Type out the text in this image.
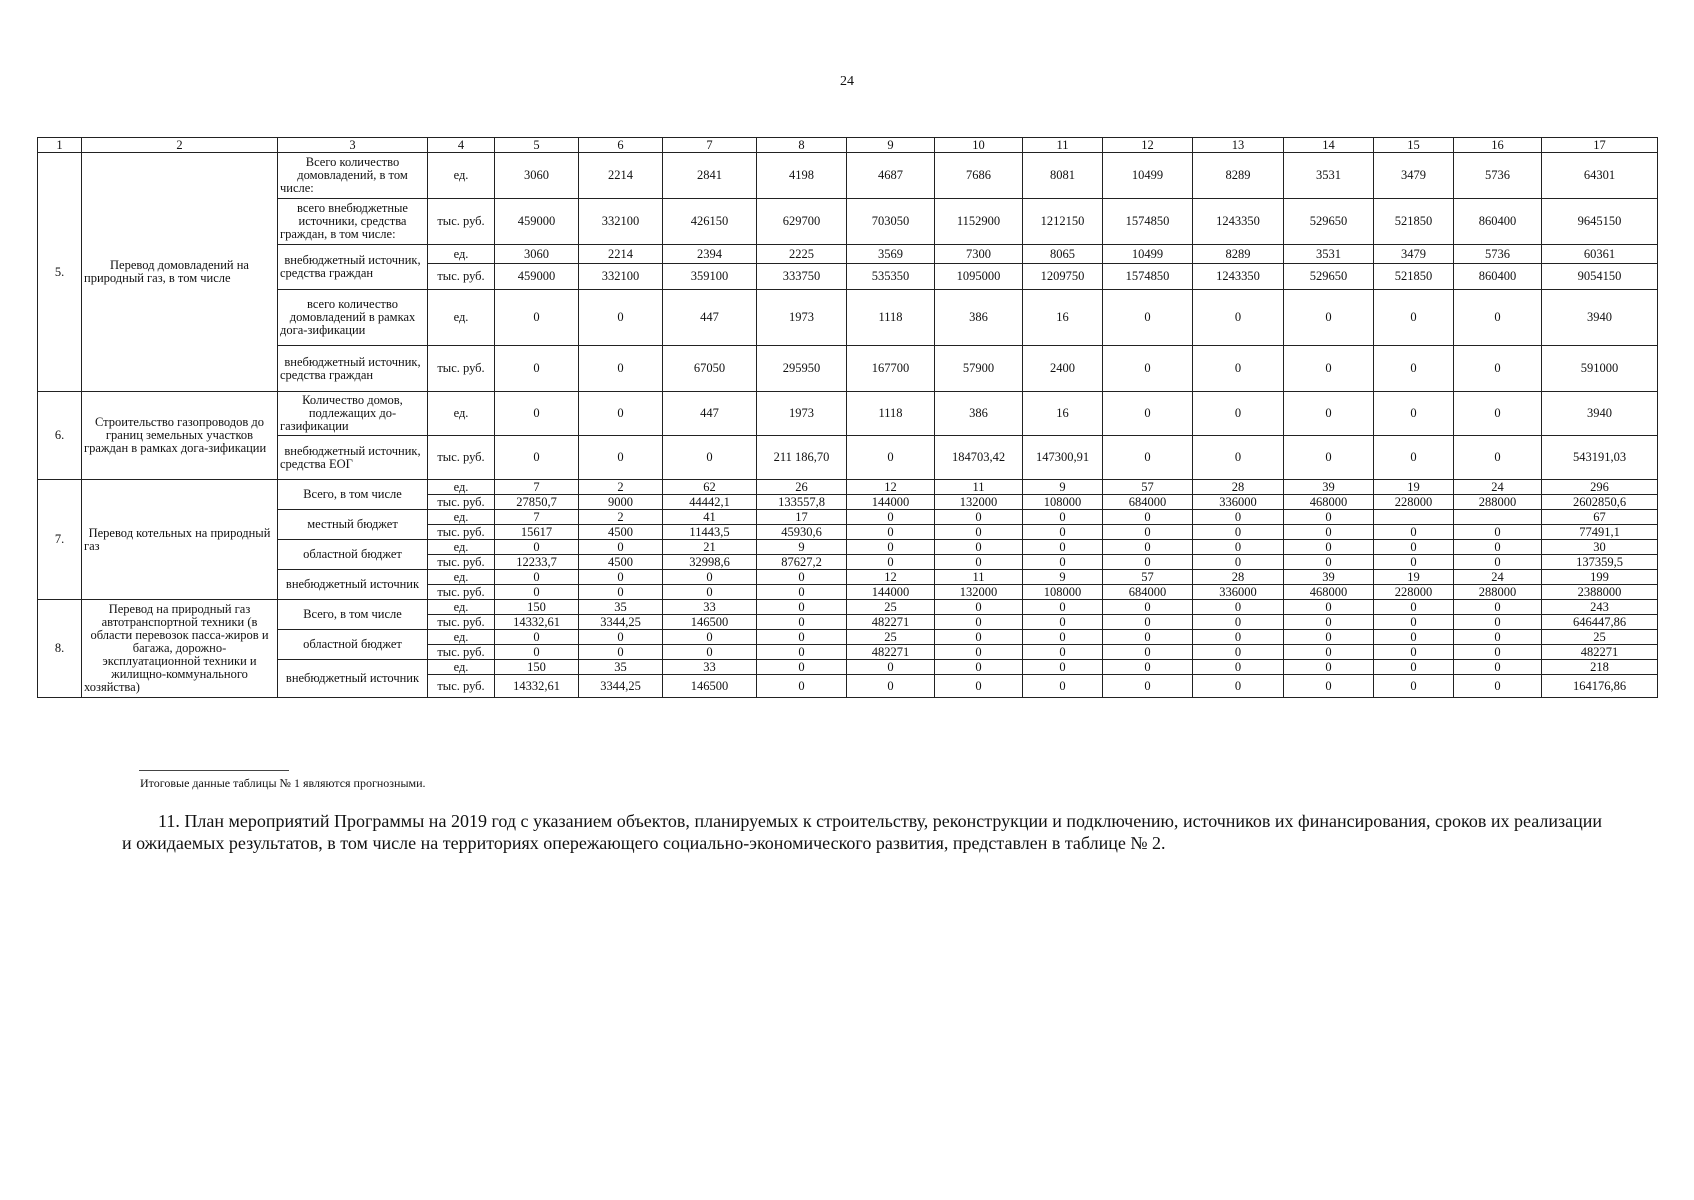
24
1	2	3	4	5	6	7	8	9	10	11	12	13	14	15	16	17
5.	Перевод домовладений на природный газ, в том числе	Всего количество домовладений, в том числе:	ед.	3060	2214	2841	4198	4687	7686	8081	10499	8289	3531	3479	5736	64301
		всего внебюджетные источники, средства граждан, в том числе:	тыс. руб.	459000	332100	426150	629700	703050	1152900	1212150	1574850	1243350	529650	521850	860400	9645150
		внебюджетный источник, средства граждан	ед.	3060	2214	2394	2225	3569	7300	8065	10499	8289	3531	3479	5736	60361
			тыс. руб.	459000	332100	359100	333750	535350	1095000	1209750	1574850	1243350	529650	521850	860400	9054150
		всего количество домовладений в рамках дога-зификации	ед.	0	0	447	1973	1118	386	16	0	0	0	0	0	3940
		внебюджетный источник, средства граждан	тыс. руб.	0	0	67050	295950	167700	57900	2400	0	0	0	0	0	591000
6.	Строительство газопроводов до границ земельных участков граждан в рамках дога-зификации	Количество домов, подлежащих до-газификации	ед.	0	0	447	1973	1118	386	16	0	0	0	0	0	3940
		внебюджетный источник, средства ЕОГ	тыс. руб.	0	0	0	211 186,70	0	184703,42	147300,91	0	0	0	0	0	543191,03
7.	Перевод котельных на природный газ	Всего, в том числе	ед.	7	2	62	26	12	11	9	57	28	39	19	24	296
			тыс. руб.	27850,7	9000	44442,1	133557,8	144000	132000	108000	684000	336000	468000	228000	288000	2602850,6
		местный бюджет	ед.	7	2	41	17	0	0	0	0	0	0			67
			тыс. руб.	15617	4500	11443,5	45930,6	0	0	0	0	0	0	0	0	77491,1
		областной бюджет	ед.	0	0	21	9	0	0	0	0	0	0	0	0	30
			тыс. руб.	12233,7	4500	32998,6	87627,2	0	0	0	0	0	0	0	0	137359,5
		внебюджетный источник	ед.	0	0	0	0	12	11	9	57	28	39	19	24	199
			тыс. руб.	0	0	0	0	144000	132000	108000	684000	336000	468000	228000	288000	2388000
8.	Перевод на природный газ автотранспортной техники (в области перевозок пасса-жиров и багажа, дорожно-эксплуатационной техники и жилищно-коммунального хозяйства)	Всего, в том числе	ед.	150	35	33	0	25	0	0	0	0	0	0	0	243
			тыс. руб.	14332,61	3344,25	146500	0	482271	0	0	0	0	0	0	0	646447,86
		областной бюджет	ед.	0	0	0	0	25	0	0	0	0	0	0	0	25
			тыс. руб.	0	0	0	0	482271	0	0	0	0	0	0	0	482271
		внебюджетный источник	ед.	150	35	33	0	0	0	0	0	0	0	0	0	218
			тыс. руб.	14332,61	3344,25	146500	0	0	0	0	0	0	0	0	0	164176,86
Итоговые данные таблицы № 1 являются прогнозными.
11. План мероприятий Программы на 2019 год с указанием объектов, планируемых к строительству, реконструкции и подключению, источников их финансирования, сроков их реализации и ожидаемых результатов, в том числе на территориях опережающего социально-экономического развития, представлен в таблице № 2.
